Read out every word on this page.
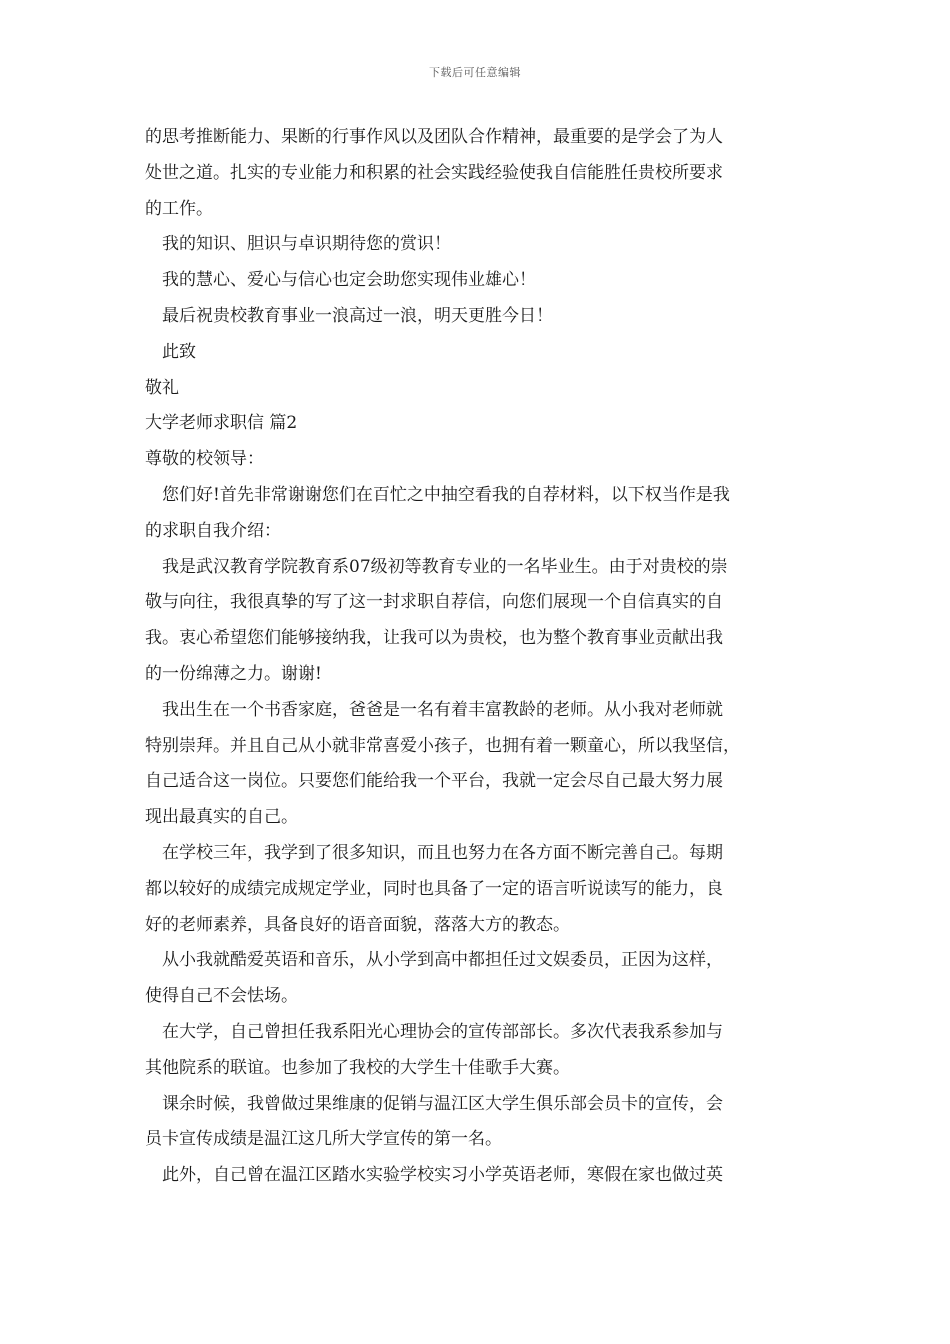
下载后可任意编辑
的思考推断能力、果断的行事作风以及团队合作精神，最重要的是学会了为人
处世之道。扎实的专业能力和积累的社会实践经验使我自信能胜任贵校所要求
的工作。
我的知识、胆识与卓识期待您的赏识！
我的慧心、爱心与信心也定会助您实现伟业雄心！
最后祝贵校教育事业一浪高过一浪，明天更胜今日！
此致
敬礼
大学老师求职信 篇2
尊敬的校领导：
您们好!首先非常谢谢您们在百忙之中抽空看我的自荐材料，以下权当作是我
的求职自我介绍：
我是武汉教育学院教育系07级初等教育专业的一名毕业生。由于对贵校的崇
敬与向往，我很真挚的写了这一封求职自荐信，向您们展现一个自信真实的自
我。衷心希望您们能够接纳我，让我可以为贵校，也为整个教育事业贡献出我
的一份绵薄之力。谢谢!
我出生在一个书香家庭，爸爸是一名有着丰富教龄的老师。从小我对老师就
特别崇拜。并且自己从小就非常喜爱小孩子，也拥有着一颗童心，所以我坚信，
自己适合这一岗位。只要您们能给我一个平台，我就一定会尽自己最大努力展
现出最真实的自己。
在学校三年，我学到了很多知识，而且也努力在各方面不断完善自己。每期
都以较好的成绩完成规定学业，同时也具备了一定的语言听说读写的能力，良
好的老师素养，具备良好的语音面貌，落落大方的教态。
从小我就酷爱英语和音乐，从小学到高中都担任过文娱委员，正因为这样，
使得自己不会怯场。
在大学，自己曾担任我系阳光心理协会的宣传部部长。多次代表我系参加与
其他院系的联谊。也参加了我校的大学生十佳歌手大赛。
课余时候，我曾做过果维康的促销与温江区大学生俱乐部会员卡的宣传，会
员卡宣传成绩是温江这几所大学宣传的第一名。
此外，自己曾在温江区踏水实验学校实习小学英语老师，寒假在家也做过英
